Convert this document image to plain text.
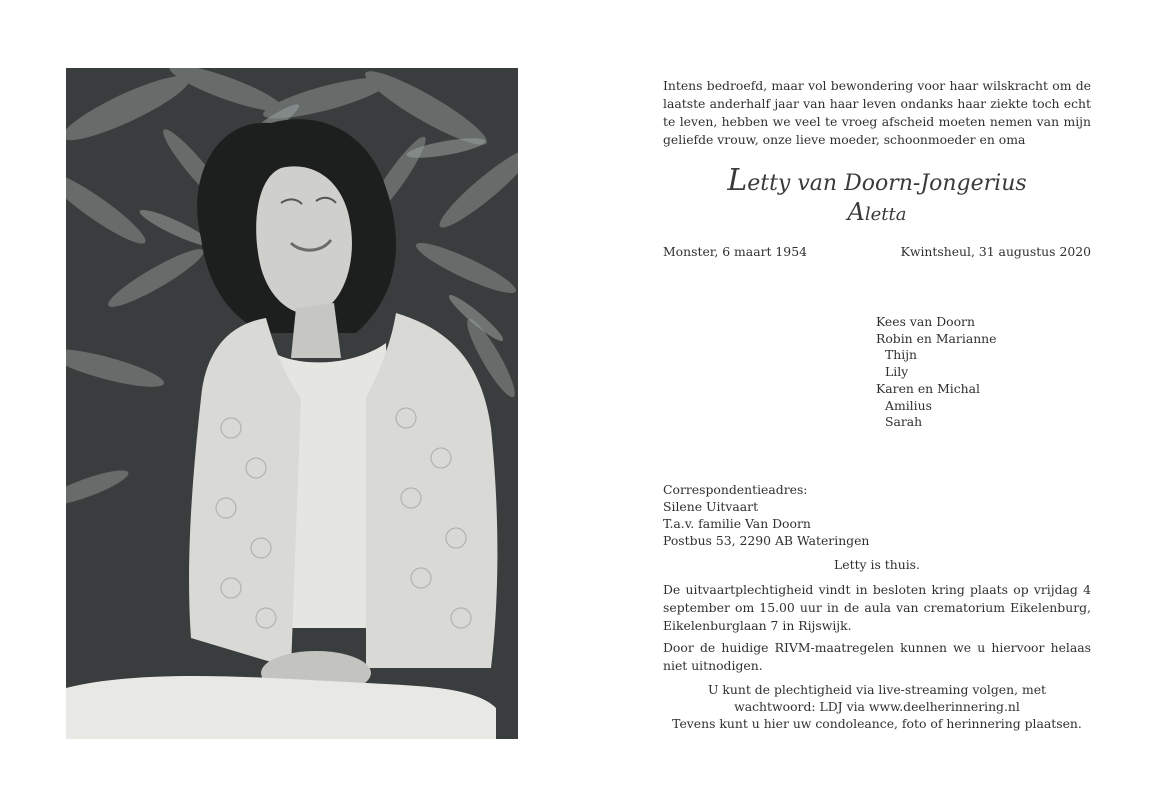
Intens bedroefd, maar vol bewondering voor haar wilskracht om de laatste anderhalf jaar van haar leven ondanks haar ziekte toch echt te leven, hebben we veel te vroeg afscheid moeten nemen van mijn geliefde vrouw, onze lieve moeder, schoonmoeder en oma
Letty van Doorn-Jongerius
Aletta
Monster, 6 maart 1954	Kwintsheul, 31 augustus 2020
Kees van Doorn
Robin en Marianne
Thijn
Lily
Karen en Michal
Amilius
Sarah
Correspondentieadres:
Silene Uitvaart
T.a.v. familie Van Doorn
Postbus 53, 2290 AB Wateringen
Letty is thuis.
De uitvaartplechtigheid vindt in besloten kring plaats op vrijdag 4 september om 15.00 uur in de aula van crematorium Eikelenburg, Eikelenburglaan 7 in Rijswijk.
Door de huidige RIVM-maatregelen kunnen we u hiervoor helaas niet uitnodigen.
U kunt de plechtigheid via live-streaming volgen, met
wachtwoord: LDJ via www.deelherinnering.nl
Tevens kunt u hier uw condoleance, foto of herinnering plaatsen.
